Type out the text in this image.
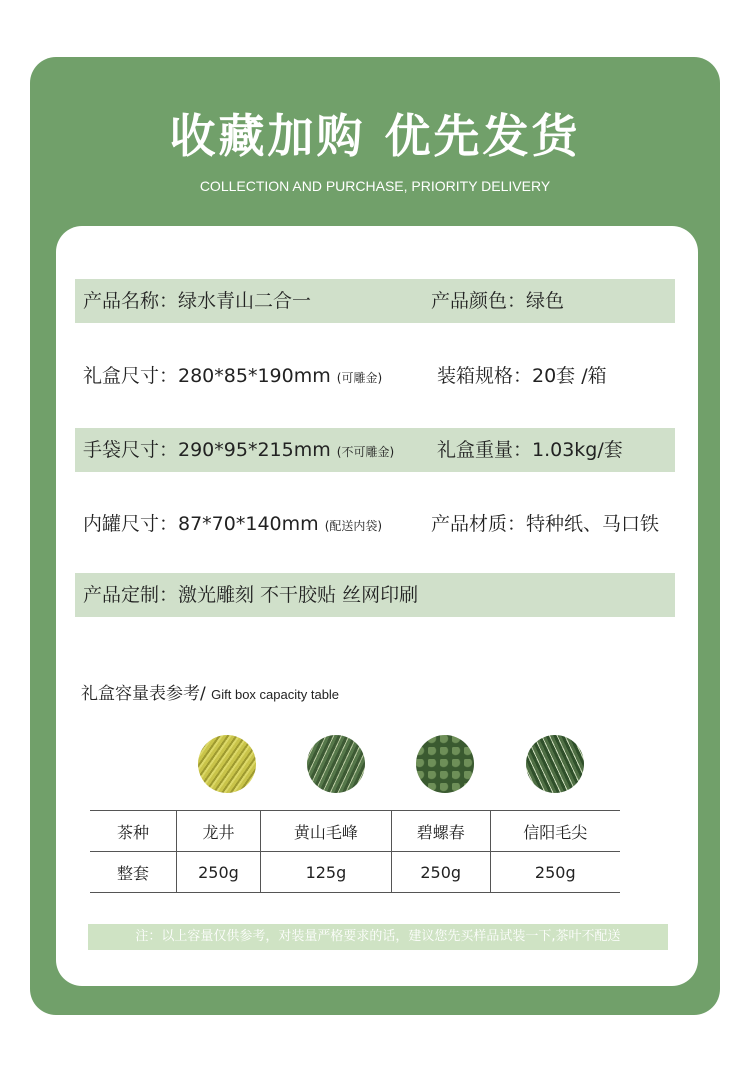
收藏加购 优先发货
COLLECTION AND PURCHASE, PRIORITY DELIVERY
产品名称：绿水青山二合一	产品颜色：绿色
礼盒尺寸：280*85*190mm (可雕金)	装箱规格：20套 /箱
手袋尺寸：290*95*215mm (不可雕金) 礼盒重量：1.03kg/套
内罐尺寸：87*70*140mm (配送内袋)	产品材质：特种纸、马口铁
产品定制：激光雕刻 不干胶贴 丝网印刷
礼盒容量表参考/ Gift box capacity table
茶种	龙井	黄山毛峰	碧螺春	信阳毛尖
整套	250g	125g	250g	250g
注：以上容量仅供参考，对装量严格要求的话，建议您先买样品试装一下,茶叶不配送
